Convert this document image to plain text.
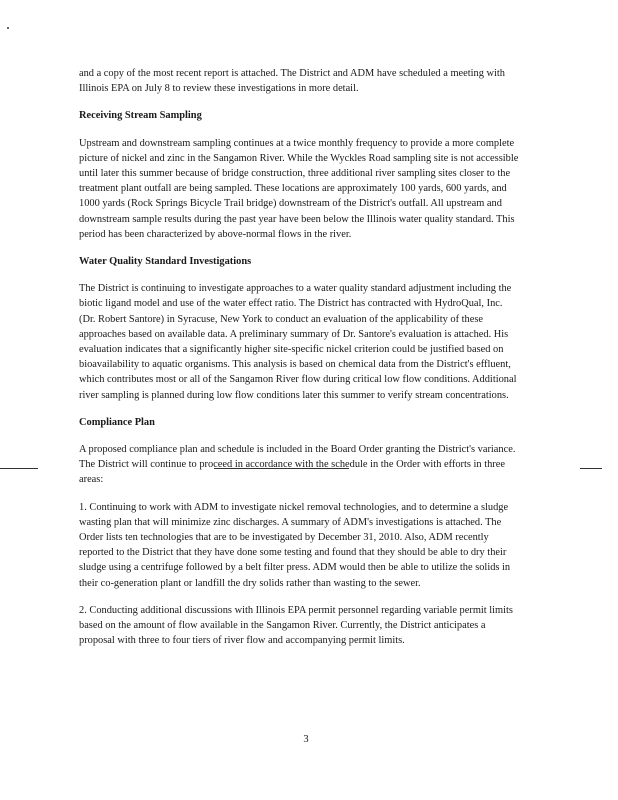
and a copy of the most recent report is attached. The District and ADM have scheduled a meeting with Illinois EPA on July 8 to review these investigations in more detail.

Receiving Stream Sampling

Upstream and downstream sampling continues at a twice monthly frequency to provide a more complete picture of nickel and zinc in the Sangamon River. While the Wyckles Road sampling site is not accessible until later this summer because of bridge construction, three additional river sampling sites closer to the treatment plant outfall are being sampled. These locations are approximately 100 yards, 600 yards, and 1000 yards (Rock Springs Bicycle Trail bridge) downstream of the District's outfall. All upstream and downstream sample results during the past year have been below the Illinois water quality standard. This period has been characterized by above-normal flows in the river.

Water Quality Standard Investigations

The District is continuing to investigate approaches to a water quality standard adjustment including the biotic ligand model and use of the water effect ratio. The District has contracted with HydroQual, Inc. (Dr. Robert Santore) in Syracuse, New York to conduct an evaluation of the applicability of these approaches based on available data. A preliminary summary of Dr. Santore's evaluation is attached. His evaluation indicates that a significantly higher site-specific nickel criterion could be justified based on bioavailability to aquatic organisms. This analysis is based on chemical data from the District's effluent, which contributes most or all of the Sangamon River flow during critical low flow conditions. Additional river sampling is planned during low flow conditions later this summer to verify stream concentrations.

Compliance Plan

A proposed compliance plan and schedule is included in the Board Order granting the District's variance. The District will continue to proceed in accordance with the schedule in the Order with efforts in three areas:

1. Continuing to work with ADM to investigate nickel removal technologies, and to determine a sludge wasting plan that will minimize zinc discharges. A summary of ADM's investigations is attached. The Order lists ten technologies that are to be investigated by December 31, 2010. Also, ADM recently reported to the District that they have done some testing and found that they should be able to dry their sludge using a centrifuge followed by a belt filter press. ADM would then be able to utilize the solids in their co-generation plant or landfill the dry solids rather than wasting to the sewer.

2. Conducting additional discussions with Illinois EPA permit personnel regarding variable permit limits based on the amount of flow available in the Sangamon River. Currently, the District anticipates a proposal with three to four tiers of river flow and accompanying permit limits.

3
